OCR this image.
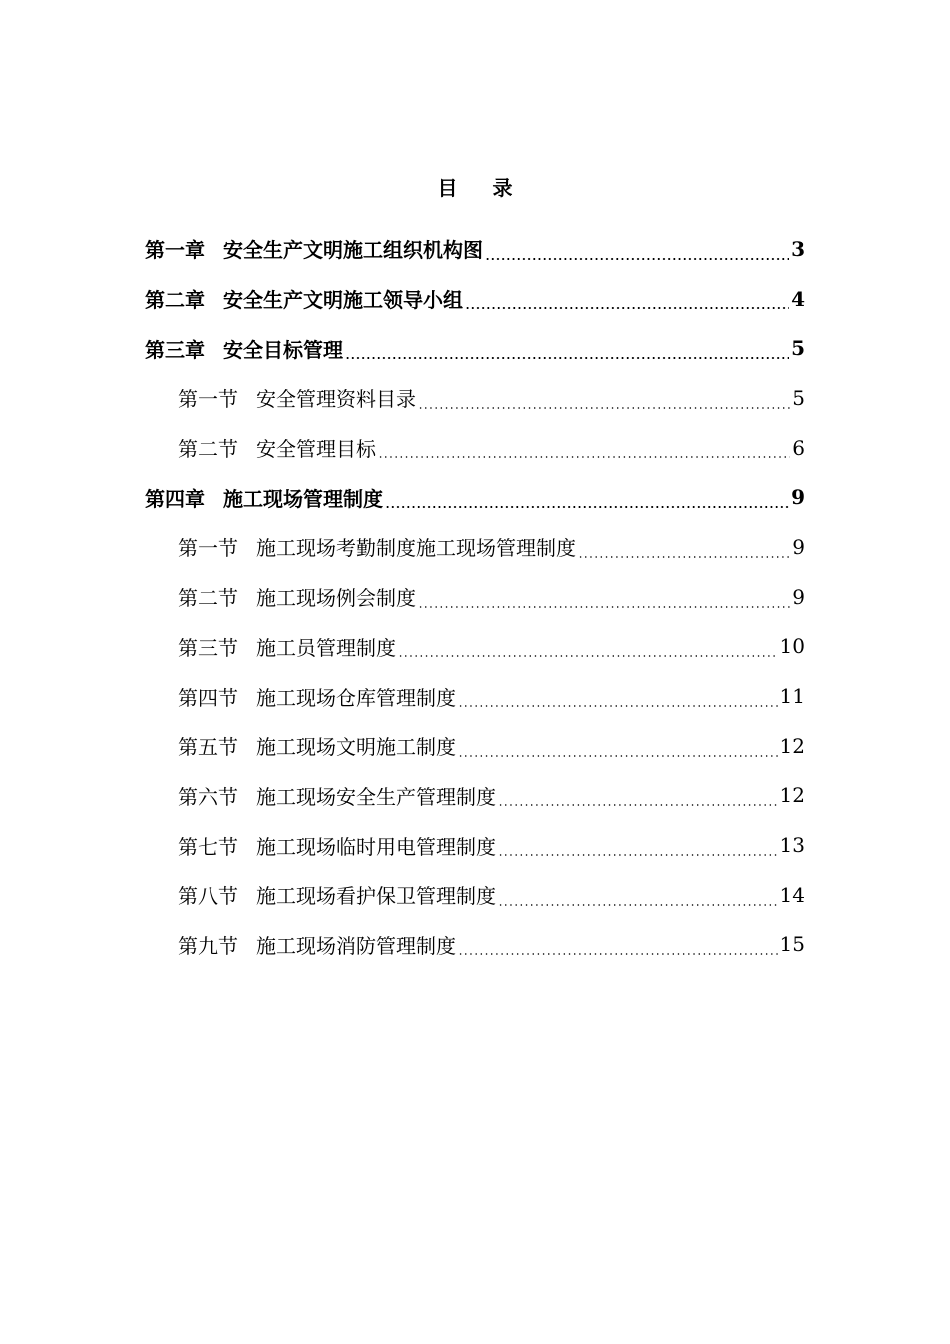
目 录
第一章 安全生产文明施工组织机构图	3
第二章 安全生产文明施工领导小组	4
第三章 安全目标管理	5
第一节 安全管理资料目录	5
第二节 安全管理目标	6
第四章 施工现场管理制度	9
第一节 施工现场考勤制度施工现场管理制度	9
第二节 施工现场例会制度	9
第三节 施工员管理制度	10
第四节 施工现场仓库管理制度	11
第五节 施工现场文明施工制度	12
第六节 施工现场安全生产管理制度	12
第七节 施工现场临时用电管理制度	13
第八节 施工现场看护保卫管理制度	14
第九节 施工现场消防管理制度	15
